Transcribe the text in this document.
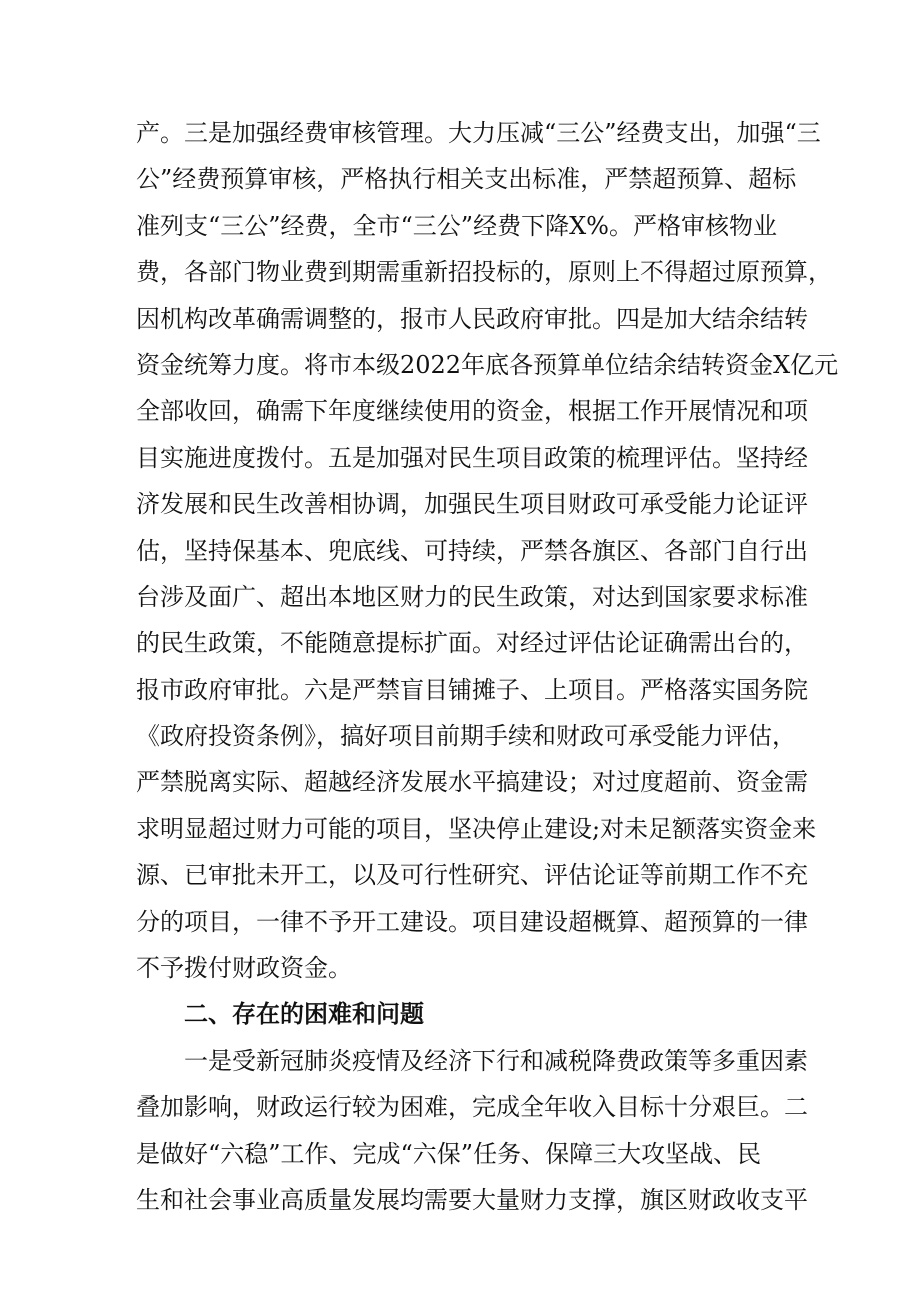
产。三是加强经费审核管理。大力压减“三公”经费支出，加强“三
公”经费预算审核，严格执行相关支出标准，严禁超预算、超标
准列支“三公”经费，全市“三公”经费下降X%。严格审核物业
费，各部门物业费到期需重新招投标的，原则上不得超过原预算，
因机构改革确需调整的，报市人民政府审批。四是加大结余结转
资金统筹力度。将市本级2022年底各预算单位结余结转资金X亿元
全部收回，确需下年度继续使用的资金，根据工作开展情况和项
目实施进度拨付。五是加强对民生项目政策的梳理评估。坚持经
济发展和民生改善相协调，加强民生项目财政可承受能力论证评
估，坚持保基本、兜底线、可持续，严禁各旗区、各部门自行出
台涉及面广、超出本地区财力的民生政策，对达到国家要求标准
的民生政策，不能随意提标扩面。对经过评估论证确需出台的，
报市政府审批。六是严禁盲目铺摊子、上项目。严格落实国务院
《政府投资条例》，搞好项目前期手续和财政可承受能力评估，
严禁脱离实际、超越经济发展水平搞建设；对过度超前、资金需
求明显超过财力可能的项目，坚决停止建设;对未足额落实资金来
源、已审批未开工，以及可行性研究、评估论证等前期工作不充
分的项目，一律不予开工建设。项目建设超概算、超预算的一律
不予拨付财政资金。
二、存在的困难和问题
一是受新冠肺炎疫情及经济下行和减税降费政策等多重因素
叠加影响，财政运行较为困难，完成全年收入目标十分艰巨。二
是做好“六稳”工作、完成“六保”任务、保障三大攻坚战、民
生和社会事业高质量发展均需要大量财力支撑，旗区财政收支平
